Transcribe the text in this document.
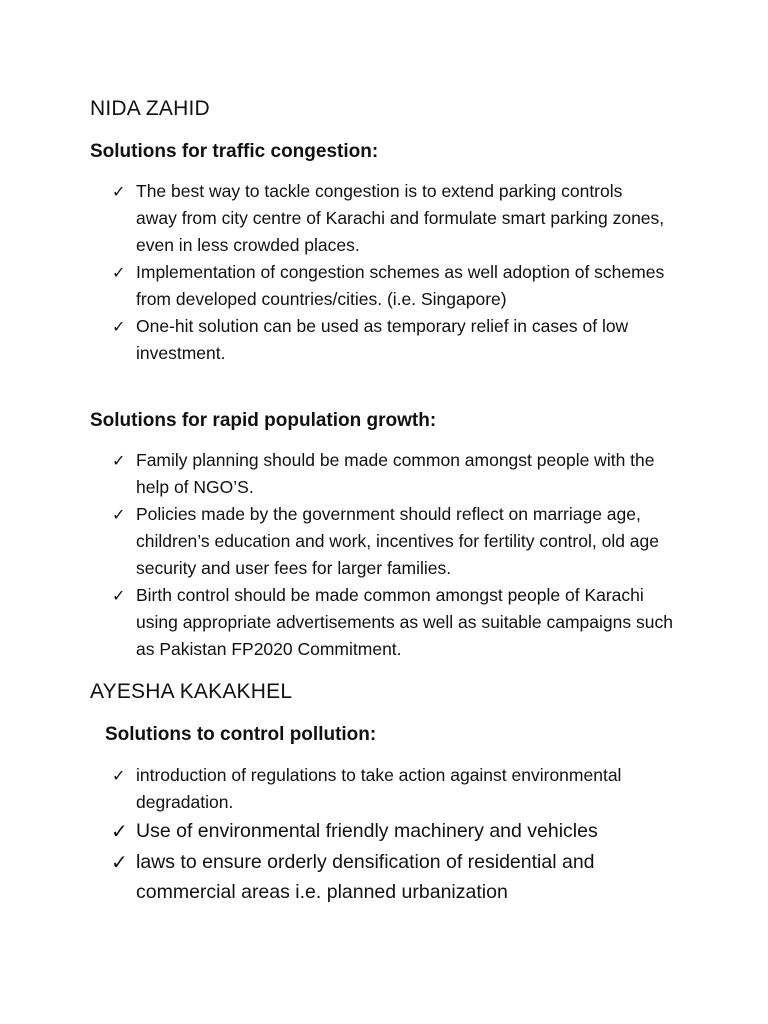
NIDA ZAHID
Solutions for traffic congestion:
✓ The best way to tackle congestion is to extend parking controls away from city centre of Karachi and formulate smart parking zones, even in less crowded places.
✓ Implementation of congestion schemes as well adoption of schemes from developed countries/cities. (i.e. Singapore)
✓ One-hit solution can be used as temporary relief in cases of low investment.
Solutions for rapid population growth:
✓ Family planning should be made common amongst people with the help of NGO’S.
✓ Policies made by the government should reflect on marriage age, children’s education and work, incentives for fertility control, old age security and user fees for larger families.
✓ Birth control should be made common amongst people of Karachi using appropriate advertisements as well as suitable campaigns such as Pakistan FP2020 Commitment.
AYESHA KAKAKHEL
Solutions to control pollution:
✓ introduction of regulations to take action against environmental degradation.
✓ Use of environmental friendly machinery and vehicles
✓ laws to ensure orderly densification of residential and commercial areas i.e. planned urbanization
